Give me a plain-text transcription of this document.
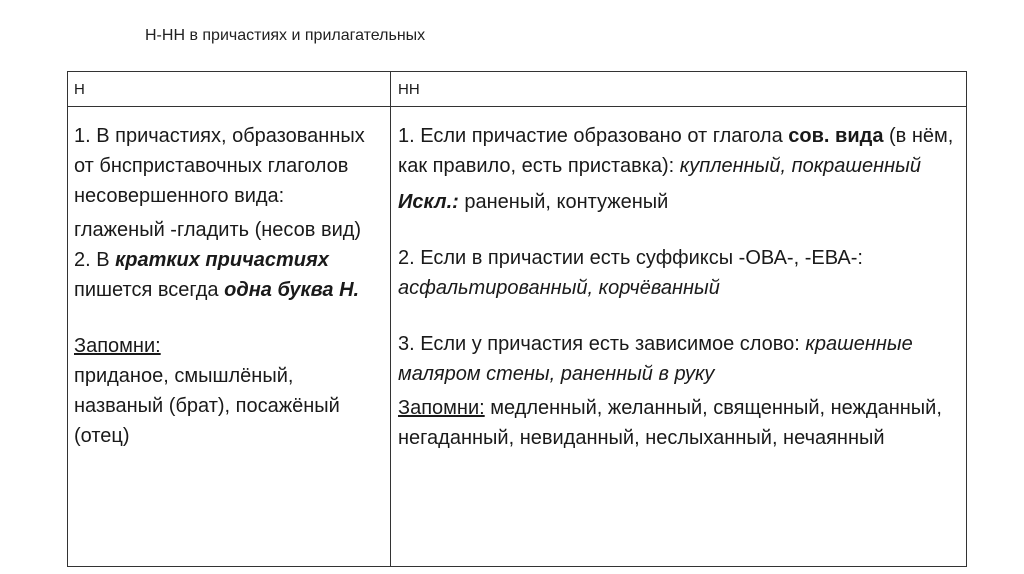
Н-НН в причастиях и прилагательных
Н	НН

1. В причастиях, образованных от бнсприставочных глаголов несовершенного вида:

глаженый -гладить (несов вид)

2. В кратких причастиях пишется всегда одна буква Н.

Запомни:

приданое, смышлёный, названый (брат), посажёный (отец)

1. Если причастие образовано от глагола сов. вида (в нём, как правило, есть приставка): купленный, покрашенный

Искл.: раненый, контуженый

2. Если в причастии есть суффиксы -ОВА-, -ЕВА-: асфальтированный, корчёванный

3. Если у причастия есть зависимое слово: крашенные маляром стены, раненный в руку

Запомни: медленный, желанный, священный, нежданный, негаданный, невиданный, неслыханный, нечаянный
